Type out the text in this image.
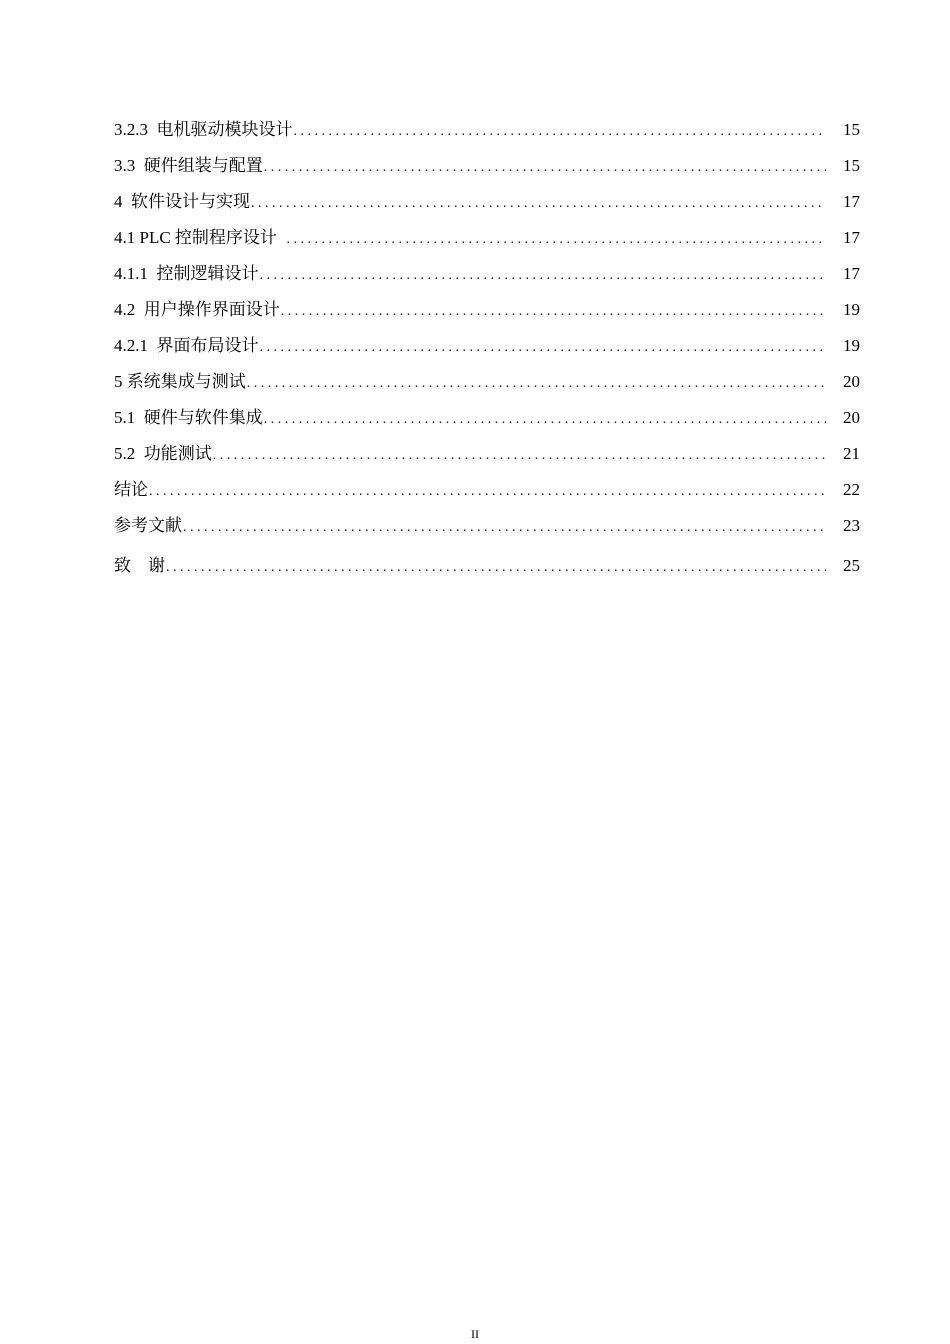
3.2.3 电机驱动模块设计 . . .	15
3.3 硬件组装与配置 . . .	15
4 软件设计与实现 . . .	17
4.1 PLC 控制程序设计 . . .	17
4.1.1 控制逻辑设计 . . .	17
4.2 用户操作界面设计 . . .	19
4.2.1 界面布局设计 . . .	19
5 系统集成与测试 . . .	20
5.1 硬件与软件集成 . . .	20
5.2 功能测试 . . .	21
结论 . . .	22
参考文献 . . .	23
致    谢 . . .	25
II
